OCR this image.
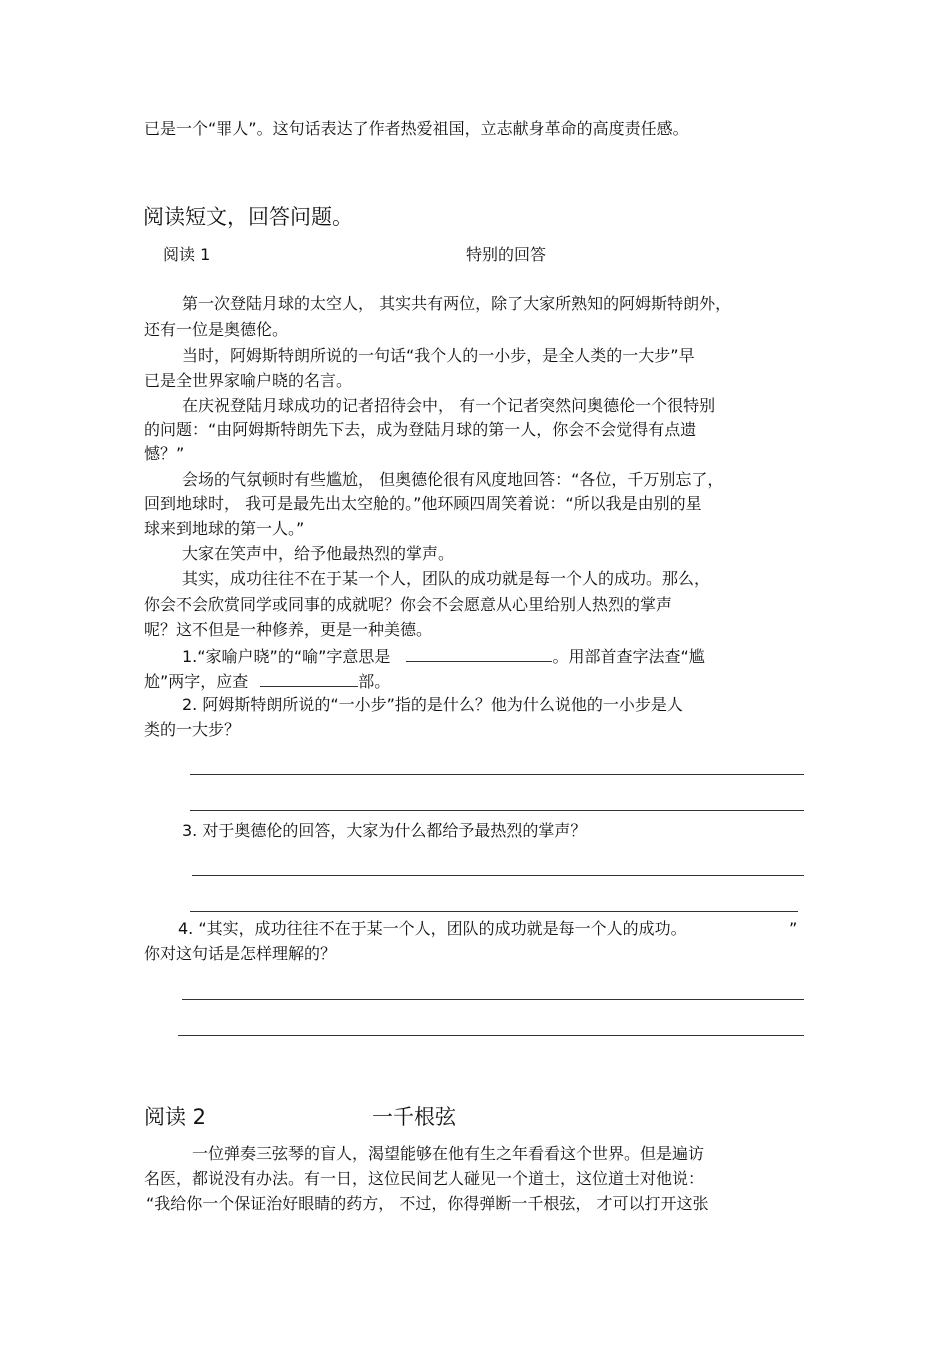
已是一个“罪人”。这句话表达了作者热爱祖国，立志献身革命的高度责任感。
阅读短文，回答问题。
阅读 1	特别的回答
第一次登陆月球的太空人， 其实共有两位，除了大家所熟知的阿姆斯特朗外，
还有一位是奥德伦。
当时，阿姆斯特朗所说的一句话“我个人的一小步，是全人类的一大步”早
已是全世界家喻户晓的名言。
在庆祝登陆月球成功的记者招待会中， 有一个记者突然问奥德伦一个很特别
的问题：“由阿姆斯特朗先下去，成为登陆月球的第一人，你会不会觉得有点遗
憾？”
会场的气氛顿时有些尴尬， 但奥德伦很有风度地回答：“各位，千万别忘了，
回到地球时， 我可是最先出太空舱的。”他环顾四周笑着说：“所以我是由别的星
球来到地球的第一人。”
大家在笑声中，给予他最热烈的掌声。
其实，成功往往不在于某一个人，团队的成功就是每一个人的成功。那么，
你会不会欣赏同学或同事的成就呢？你会不会愿意从心里给别人热烈的掌声
呢？这不但是一种修养，更是一种美德。
1.“家喻户晓”的“喻”字意思是	。用部首查字法查“尴
尬”两字，应查	部。
2. 阿姆斯特朗所说的“一小步”指的是什么？他为什么说他的一小步是人
类的一大步？
3. 对于奥德伦的回答，大家为什么都给予最热烈的掌声？
4. “其实，成功往往不在于某一个人，团队的成功就是每一个人的成功。	”
你对这句话是怎样理解的？
阅读 2	一千根弦
一位弹奏三弦琴的盲人，渴望能够在他有生之年看看这个世界。但是遍访
名医，都说没有办法。有一日，这位民间艺人碰见一个道士，这位道士对他说：
“我给你一个保证治好眼睛的药方， 不过，你得弹断一千根弦， 才可以打开这张
